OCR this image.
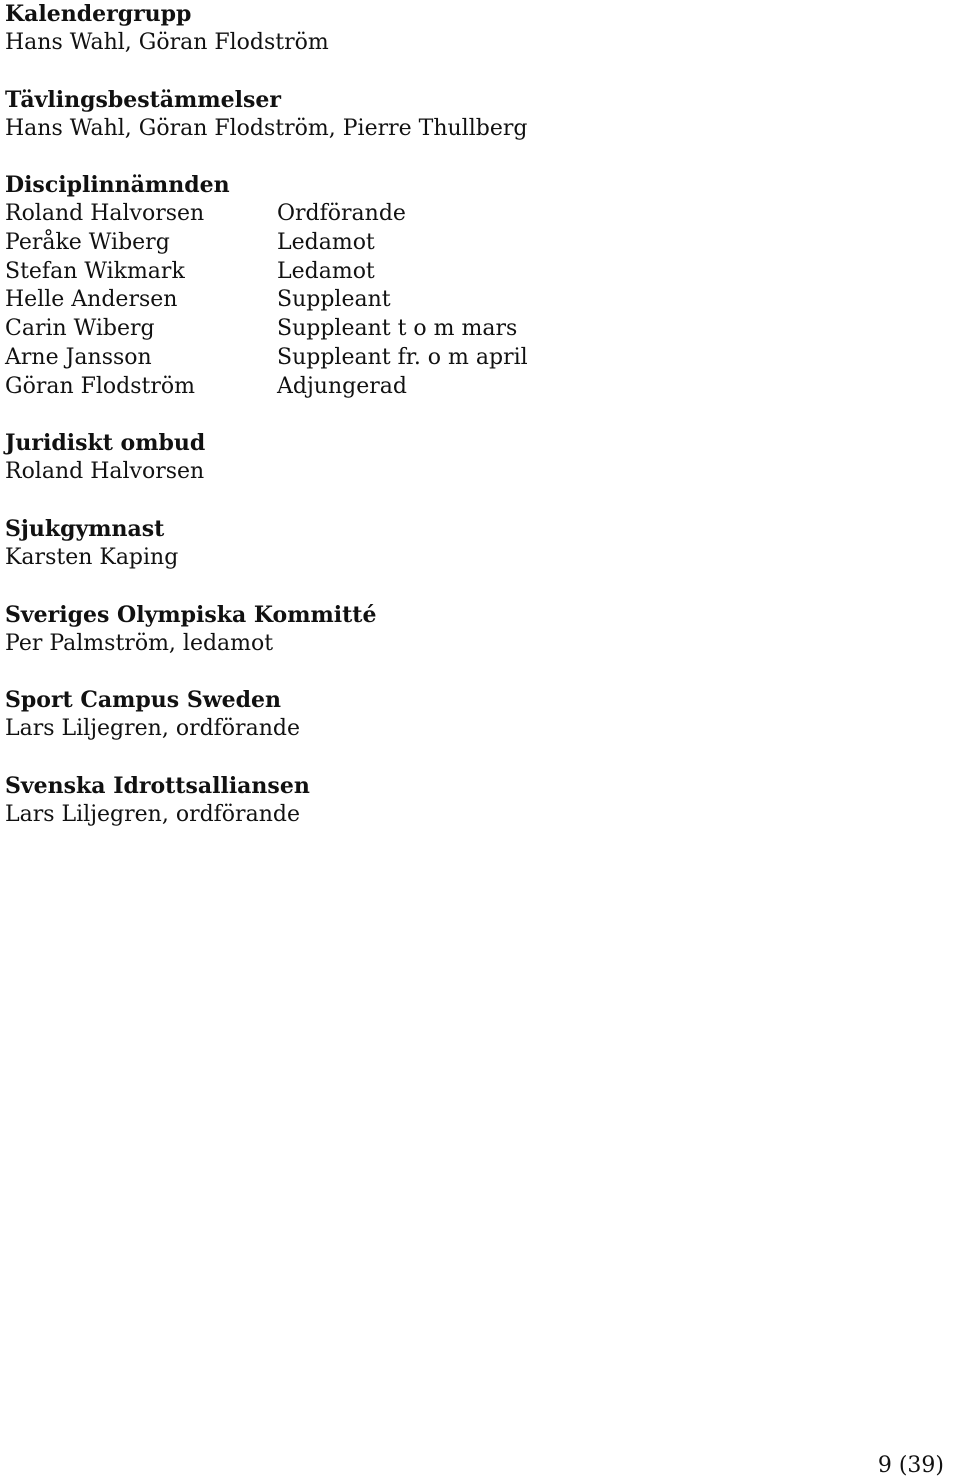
Kalendergrupp
Hans Wahl, Göran Flodström
Tävlingsbestämmelser
Hans Wahl, Göran Flodström, Pierre Thullberg
Disciplinnämnden
Roland Halvorsen	Ordförande
Peråke Wiberg	Ledamot
Stefan Wikmark	Ledamot
Helle Andersen	Suppleant
Carin Wiberg	Suppleant t o m mars
Arne Jansson	Suppleant fr. o m april
Göran Flodström	Adjungerad
Juridiskt ombud
Roland Halvorsen
Sjukgymnast
Karsten Kaping
Sveriges Olympiska Kommitté
Per Palmström, ledamot
Sport Campus Sweden
Lars Liljegren, ordförande
Svenska Idrottsalliansen
Lars Liljegren, ordförande
9 (39)
